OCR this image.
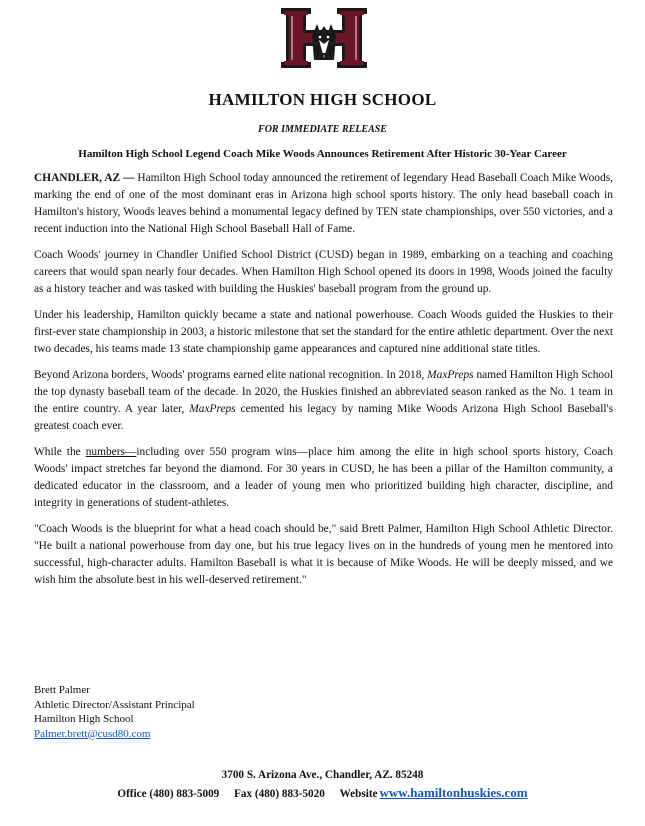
HAMILTON HIGH SCHOOL
FOR IMMEDIATE RELEASE
Hamilton High School Legend Coach Mike Woods Announces Retirement After Historic 30-Year Career

CHANDLER, AZ — Hamilton High School today announced the retirement of legendary Head Baseball Coach Mike Woods, marking the end of one of the most dominant eras in Arizona high school sports history. The only head baseball coach in Hamilton's history, Woods leaves behind a monumental legacy defined by TEN state championships, over 550 victories, and a recent induction into the National High School Baseball Hall of Fame.

Coach Woods' journey in Chandler Unified School District (CUSD) began in 1989, embarking on a teaching and coaching careers that would span nearly four decades. When Hamilton High School opened its doors in 1998, Woods joined the faculty as a history teacher and was tasked with building the Huskies' baseball program from the ground up.

Under his leadership, Hamilton quickly became a state and national powerhouse. Coach Woods guided the Huskies to their first-ever state championship in 2003, a historic milestone that set the standard for the entire athletic department. Over the next two decades, his teams made 13 state championship game appearances and captured nine additional state titles.

Beyond Arizona borders, Woods' programs earned elite national recognition. In 2018, MaxPreps named Hamilton High School the top dynasty baseball team of the decade. In 2020, the Huskies finished an abbreviated season ranked as the No. 1 team in the entire country. A year later, MaxPreps cemented his legacy by naming Mike Woods Arizona High School Baseball's greatest coach ever.

While the numbers—including over 550 program wins—place him among the elite in high school sports history, Coach Woods' impact stretches far beyond the diamond. For 30 years in CUSD, he has been a pillar of the Hamilton community, a dedicated educator in the classroom, and a leader of young men who prioritized building high character, discipline, and integrity in generations of student-athletes.

"Coach Woods is the blueprint for what a head coach should be," said Brett Palmer, Hamilton High School Athletic Director. "He built a national powerhouse from day one, but his true legacy lives on in the hundreds of young men he mentored into successful, high-character adults. Hamilton Baseball is what it is because of Mike Woods. He will be deeply missed, and we wish him the absolute best in his well-deserved retirement."

Brett Palmer
Athletic Director/Assistant Principal
Hamilton High School
Palmer.brett@cusd80.com
3700 S. Arizona Ave., Chandler, AZ. 85248
Office (480) 883-5009 Fax (480) 883-5020 Website www.hamiltonhuskies.com
